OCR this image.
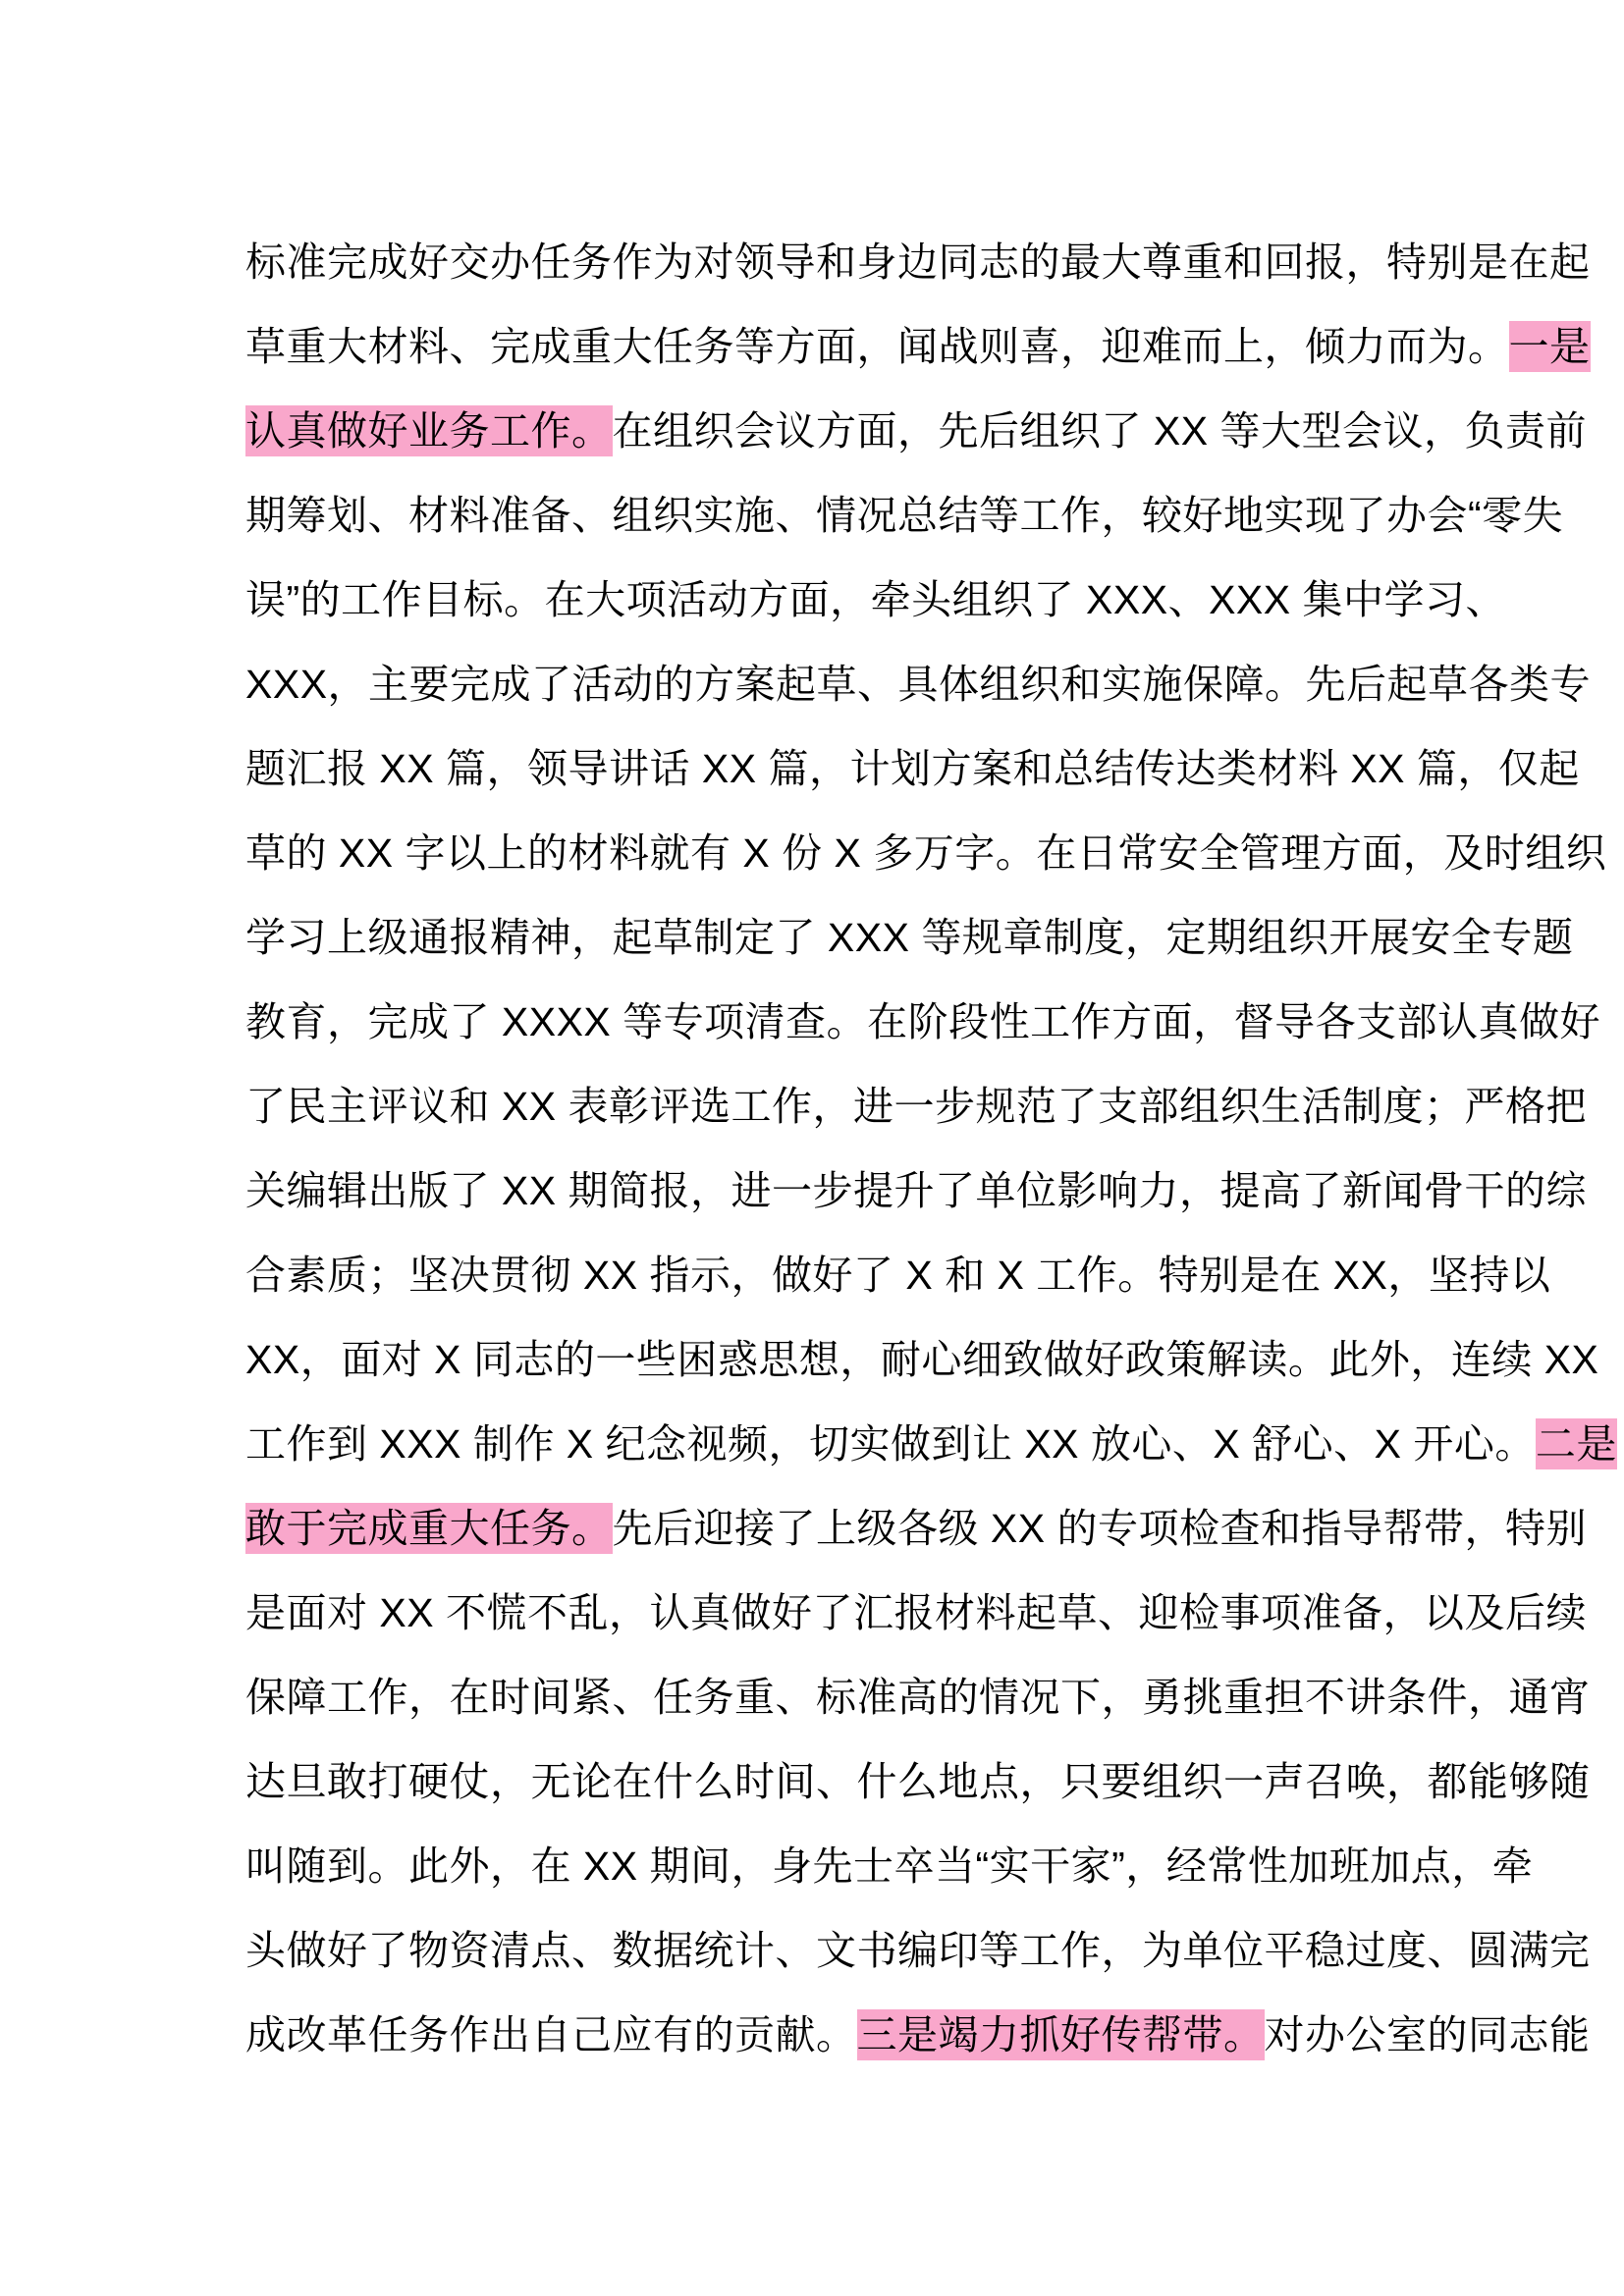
标准完成好交办任务作为对领导和身边同志的最大尊重和回报，特别是在起
草重大材料、完成重大任务等方面，闻战则喜，迎难而上，倾力而为。一是
认真做好业务工作。在组织会议方面，先后组织了 XX 等大型会议，负责前
期筹划、材料准备、组织实施、情况总结等工作，较好地实现了办会“零失
误”的工作目标。在大项活动方面，牵头组织了 XXX、XXX 集中学习、
XXX，主要完成了活动的方案起草、具体组织和实施保障。先后起草各类专
题汇报 XX 篇，领导讲话 XX 篇，计划方案和总结传达类材料 XX 篇，仅起
草的 XX 字以上的材料就有 X 份 X 多万字。在日常安全管理方面，及时组织
学习上级通报精神，起草制定了 XXX 等规章制度，定期组织开展安全专题
教育，完成了 XXXX 等专项清查。在阶段性工作方面，督导各支部认真做好
了民主评议和 XX 表彰评选工作，进一步规范了支部组织生活制度；严格把
关编辑出版了 XX 期简报，进一步提升了单位影响力，提高了新闻骨干的综
合素质；坚决贯彻 XX 指示，做好了 X 和 X 工作。特别是在 XX，坚持以
XX，面对 X 同志的一些困惑思想，耐心细致做好政策解读。此外，连续 XX
工作到 XXX 制作 X 纪念视频，切实做到让 XX 放心、X 舒心、X 开心。二是
敢于完成重大任务。先后迎接了上级各级 XX 的专项检查和指导帮带，特别
是面对 XX 不慌不乱，认真做好了汇报材料起草、迎检事项准备，以及后续
保障工作，在时间紧、任务重、标准高的情况下，勇挑重担不讲条件，通宵
达旦敢打硬仗，无论在什么时间、什么地点，只要组织一声召唤，都能够随
叫随到。此外，在 XX 期间，身先士卒当“实干家”，经常性加班加点，牵
头做好了物资清点、数据统计、文书编印等工作，为单位平稳过度、圆满完
成改革任务作出自己应有的贡献。三是竭力抓好传帮带。对办公室的同志能
